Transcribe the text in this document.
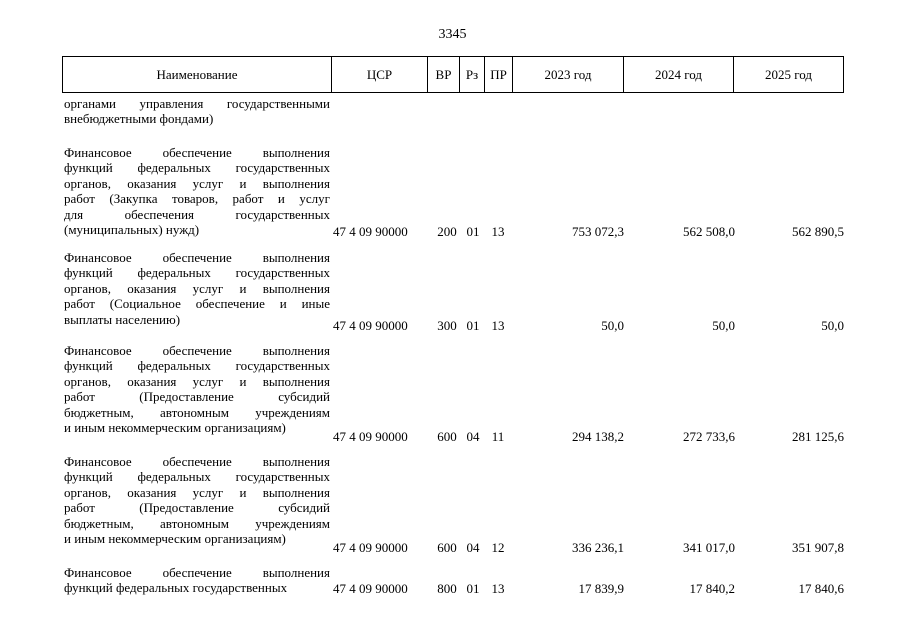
3345
Наименование	ЦСР	ВР	Рз ПР	2023 год	2024 год	2025 год
органами управления государственными
внебюджетными фондами)
Финансовое обеспечение выполнения
функций федеральных государственных
органов, оказания услуг и выполнения
работ (Закупка товаров, работ и услуг
для	обеспечения	государственных
(муниципальных) нужд)	47 4 09 90000	200 01 13	753 072,3	562 508,0	562 890,5
Финансовое обеспечение выполнения
функций федеральных государственных
органов, оказания услуг и выполнения
работ (Социальное обеспечение и иные
выплаты населению)	47 4 09 90000	300 01 13	50,0	50,0	50,0
Финансовое обеспечение выполнения
функций федеральных государственных
органов, оказания услуг и выполнения
работ	(Предоставление	субсидий
бюджетным, автономным учреждениям
и иным некоммерческим организациям)
47 4 09 90000	600 04 11	294 138,2	272 733,6	281 125,6
Финансовое обеспечение выполнения
функций федеральных государственных
органов, оказания услуг и выполнения
работ	(Предоставление	субсидий
бюджетным, автономным учреждениям
и иным некоммерческим организациям)
47 4 09 90000	600 04 12	336 236,1	341 017,0	351 907,8
Финансовое обеспечение выполнения
функций федеральных государственных	47 4 09 90000	800 01 13	17 839,9	17 840,2	17 840,6
